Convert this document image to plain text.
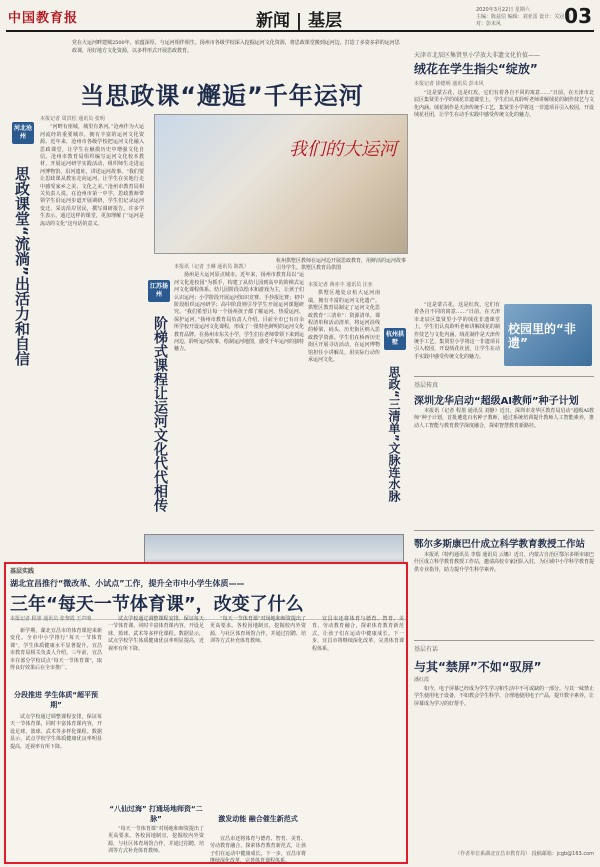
中国教育报	新闻 | 基层
2020年3月22日 星期六
主编：陈兹信 编辑：刘亚雷 设计：关冠 校对：彭未风	03
党在大运河畔建城2500年，底蕴深厚，与运河相伴相生。扬州市各级学校深入挖掘运河文化资源，将思政课堂搬到运河边，打造了多姿多彩的运河思政课，用好地方文化资源，以多样形式开展思政教育。
当思政课“邂逅”千年运河
我们的大运河
杭州拱墅区教师在运河边开展思政教育，用鲜活的运河故事引导学生。拱墅区教育局供图
河北沧州
思政课堂“流淌”出活力和自信

本报记者 周洪松 通讯员 张明

“河畔有座城，城里有条河。”沧州作为大运河流经的重要城市，拥有丰富的运河文化资源。近年来，沧州市各级学校把运河文化融入思政课堂，让学生在触摸历史中增强文化自信。沧州市教育局组织编写运河文化校本教材，开展运河研学实践活动，组织师生走进运河博物馆、沿河遗址，讲述运河故事。“我们要让思政课从教室走向运河，让学生在实地行走中感受家乡之美、文化之美。”沧州市教育局相关负责人说。在沧州市第一中学，思政教师带领学生沿运河步道开展调研，学生们记录运河变迁、采访沿岸居民，撰写调研报告。许多学生表示，通过这样的课堂，更加理解了“运河是流动的文化”这句话的意义。

江苏扬州
阶梯式课程让运河文化代代相传

本报讯（记者 王琳 通讯员 陈凯）

扬州是大运河原点城市。近年来，扬州市教育局以“运河文化进校园”为抓手，构建了从幼儿园到高中的阶梯式运河文化课程体系。幼儿园阶段以绘本和游戏为主，让孩子们认识运河；小学阶段开展运河知识竞赛、手抄报比赛；初中阶段组织运河研学；高中阶段则引导学生开展运河课题研究。“我们希望让每一个扬州孩子都了解运河、热爱运河、保护运河。”扬州市教育局负责人介绍，目前全市已有百余所学校开设运河文化课程，形成了一批特色鲜明的运河文化教育品牌。在扬州市东关小学，学生们在老师带领下来到运河边，聆听运河故事，绘制运河地图，感受千年运河的独特魅力。

本报记者 蒋亦丰 通讯员 汪亚

拱墅区地处京杭大运河南端，拥有丰富的运河文化遗产。拱墅区教育局制定了运河文化思政教育“三清单”：资源清单、课程清单和活动清单，将运河沿线的桥梁、码头、历史街区纳入思政教学资源。学生们在桥西历史街区开展寻访活动，在运河博物馆担任小讲解员，用实际行动传承运河文化。

杭州拱墅
思政“三清单”文脉连水脉
天津市北辰区集贤里小学放大非遗文化价值——
绒花在学生指尖“绽放”
本报记者 徐德明 通讯员 彭未风

“这是蒙古花，这是红玫，它们有着各自不同的寓意……”日前，在天津市北辰区集贤里小学的绒花非遗课堂上，学生们认真聆听老师讲解绒花的制作技艺与文化内涵。绒花制作是天津传统手工艺，集贤里小学将这一非遗项目引入校园，开设绒花社团，让学生在动手实践中感受传统文化的魅力。

“这是蒙古花，这是红玫，它们有着各自不同的寓意……”日前，在天津市北辰区集贤里小学的绒花非遗课堂上，学生们认真聆听老师讲解绒花的制作技艺与文化内涵。绒花制作是天津传统手工艺，集贤里小学将这一非遗项目引入校园，开设绒花社团，让学生在动手实践中感受传统文化的魅力。

校园里的“非遗”
基层传真
深圳龙华启动“超级AI教师”种子计划

本报讯（记者 程墨 通讯员 刘静）近日，深圳市龙华区教育局启动“超级AI教师”种子计划，首批遴选百名种子教师，通过系统培训提升教师人工智能素养，推动人工智能与教育教学深度融合，探索智慧教育新路径。

鄂尔多斯康巴什成立科学教育教授工作站

本报讯（特约通讯员 李瑞 通讯员 云娜）近日，内蒙古自治区鄂尔多斯市康巴什区成立科学教育教授工作站，邀请高校专家团队入驻，为区域中小学科学教育提供专业指导，助力提升学生科学素养。

基层有话
与其“禁屏”不如“驭屏”
潘红霞

如今，电子屏幕已经成为学生学习和生活中不可或缺的一部分。与其一味禁止学生使用电子设备，不如教会学生科学、合理地使用电子产品，提升数字素养，让屏幕成为学习的好帮手。

（作者单位系湖北宜昌市教育局） 投稿邮箱：jcgb@163.com
基层实践
湖北宜昌推行“微改革、小试点”工作，提升全市中小学生体质——
三年“每天一节体育课”，改变了什么
本报记者 程墨 通讯员 张黎霞 王声明

新学期，湖北宜昌市的体育课迎来新变化。全市中小学推行“每天一节体育课”，学生体质健康水平显著提升。宜昌市教育局相关负责人介绍，三年前，宜昌市在部分学校试点“每天一节体育课”，取得良好效果后在全市推广。

分段推进 学生体质“超平预期”

试点学校通过调整课程安排，保证每天一节体育课，同时丰富体育课内容，开设足球、篮球、武术等多样化课程。数据显示，试点学校学生体质健康优良率明显提高，近视率有所下降。

试点学校通过调整课程安排，保证每天一节体育课，同时丰富体育课内容，开设足球、篮球、武术等多样化课程。数据显示，试点学校学生体质健康优良率明显提高，近视率有所下降。

“八仙过海” 打通场地师资“二脉”

“每天一节体育课”对场地和师资提出了更高要求。各校因地制宜，挖掘校内外资源，与社区体育场馆合作，并通过招聘、培训等方式补充体育教师。

“每天一节体育课”对场地和师资提出了更高要求。各校因地制宜，挖掘校内外资源，与社区体育场馆合作，并通过招聘、培训等方式补充体育教师。

激发动能 融合催生新范式

宜昌市还将体育与德育、智育、美育、劳动教育融合，探索体育教育新范式，让孩子们在运动中健康成长。下一步，宜昌市将继续深化改革，完善体育课程体系。

宜昌市还将体育与德育、智育、美育、劳动教育融合，探索体育教育新范式，让孩子们在运动中健康成长。下一步，宜昌市将继续深化改革，完善体育课程体系。
